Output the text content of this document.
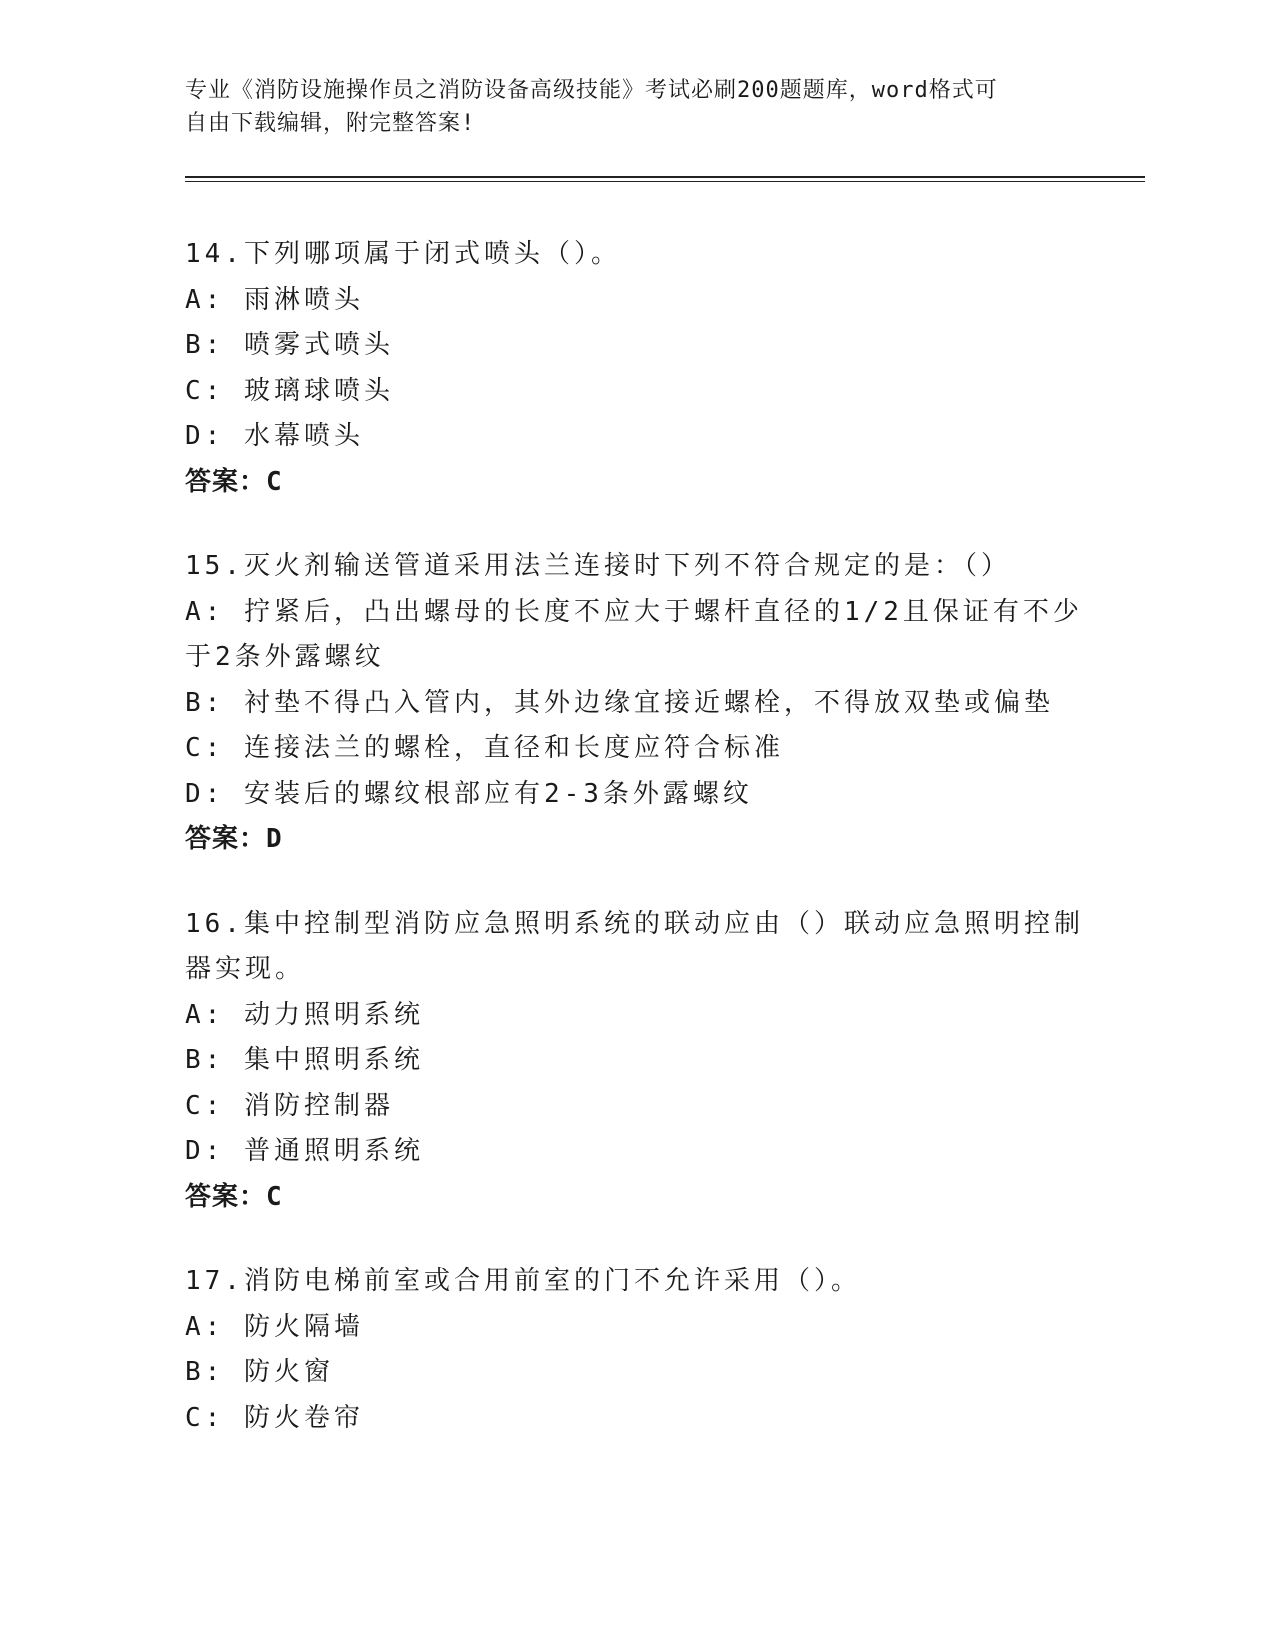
专业《消防设施操作员之消防设备高级技能》考试必刷200题题库，word格式可
自由下载编辑，附完整答案!
14.下列哪项属于闭式喷头（）。
A: 雨淋喷头
B: 喷雾式喷头
C: 玻璃球喷头
D: 水幕喷头
答案：C
15.灭火剂输送管道采用法兰连接时下列不符合规定的是：（）
A: 拧紧后，凸出螺母的长度不应大于螺杆直径的1/2且保证有不少于2条外露螺纹
B: 衬垫不得凸入管内，其外边缘宜接近螺栓，不得放双垫或偏垫
C: 连接法兰的螺栓，直径和长度应符合标准
D: 安装后的螺纹根部应有2-3条外露螺纹
答案：D
16.集中控制型消防应急照明系统的联动应由（）联动应急照明控制器实现。
A: 动力照明系统
B: 集中照明系统
C: 消防控制器
D: 普通照明系统
答案：C
17.消防电梯前室或合用前室的门不允许采用（）。
A: 防火隔墙
B: 防火窗
C: 防火卷帘
